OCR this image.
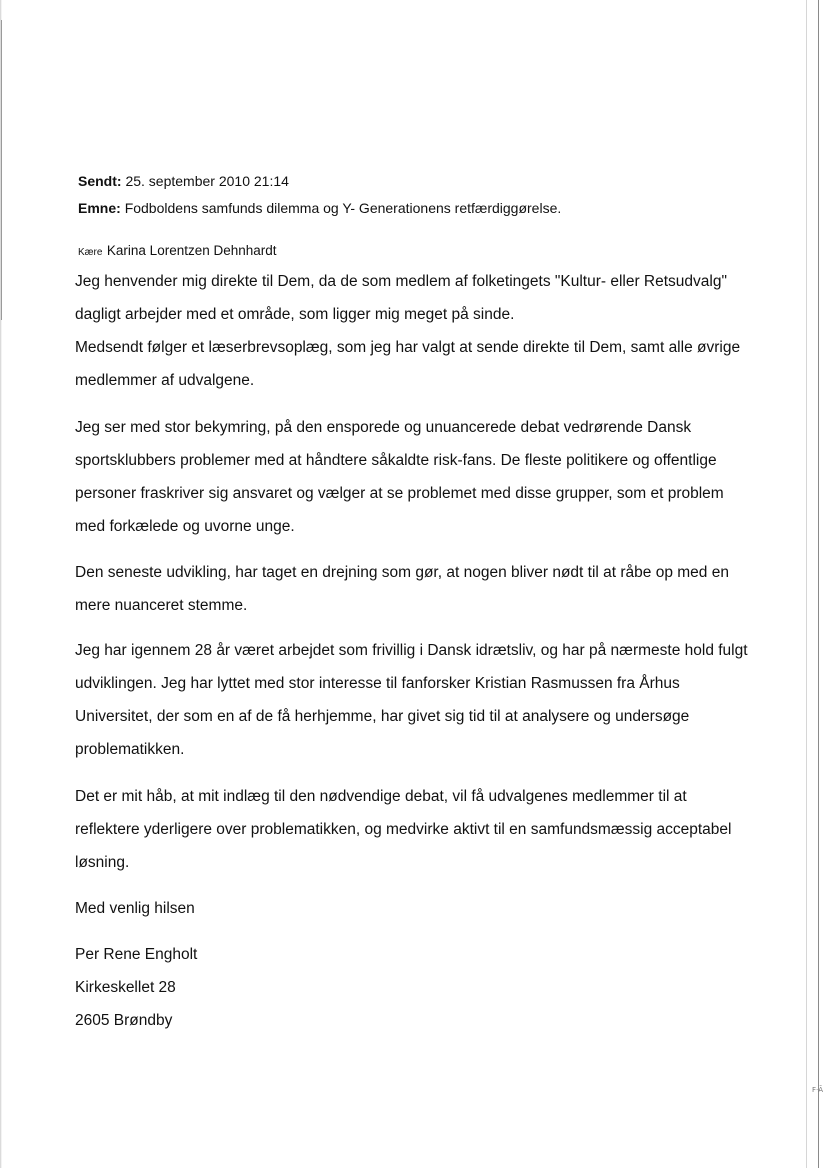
F·Ã
Sendt: 25. september 2010 21:14
Emne: Fodboldens samfunds dilemma og Y- Generationens retfærdiggørelse.
Kære Karina Lorentzen Dehnhardt
Jeg henvender mig direkte til Dem, da de som medlem af folketingets "Kultur- eller Retsudvalg"
dagligt arbejder med et område, som ligger mig meget på sinde.
Medsendt følger et læserbrevsoplæg, som jeg har valgt at sende direkte til Dem, samt alle øvrige
medlemmer af udvalgene.
Jeg ser med stor bekymring, på den ensporede og unuancerede debat vedrørende Dansk
sportsklubbers problemer med at håndtere såkaldte risk-fans. De fleste politikere og offentlige
personer fraskriver sig ansvaret og vælger at se problemet med disse grupper, som et problem
med forkælede og uvorne unge.
Den seneste udvikling, har taget en drejning som gør, at nogen bliver nødt til at råbe op med en
mere nuanceret stemme.
Jeg har igennem 28 år været arbejdet som frivillig i Dansk idrætsliv, og har på nærmeste hold fulgt
udviklingen. Jeg har lyttet med stor interesse til fanforsker Kristian Rasmussen fra Århus
Universitet, der som en af de få herhjemme, har givet sig tid til at analysere og undersøge
problematikken.
Det er mit håb, at mit indlæg til den nødvendige debat, vil få udvalgenes medlemmer til at
reflektere yderligere over problematikken, og medvirke aktivt til en samfundsmæssig acceptabel
løsning.
Med venlig hilsen
Per Rene Engholt
Kirkeskellet 28
2605 Brøndby
